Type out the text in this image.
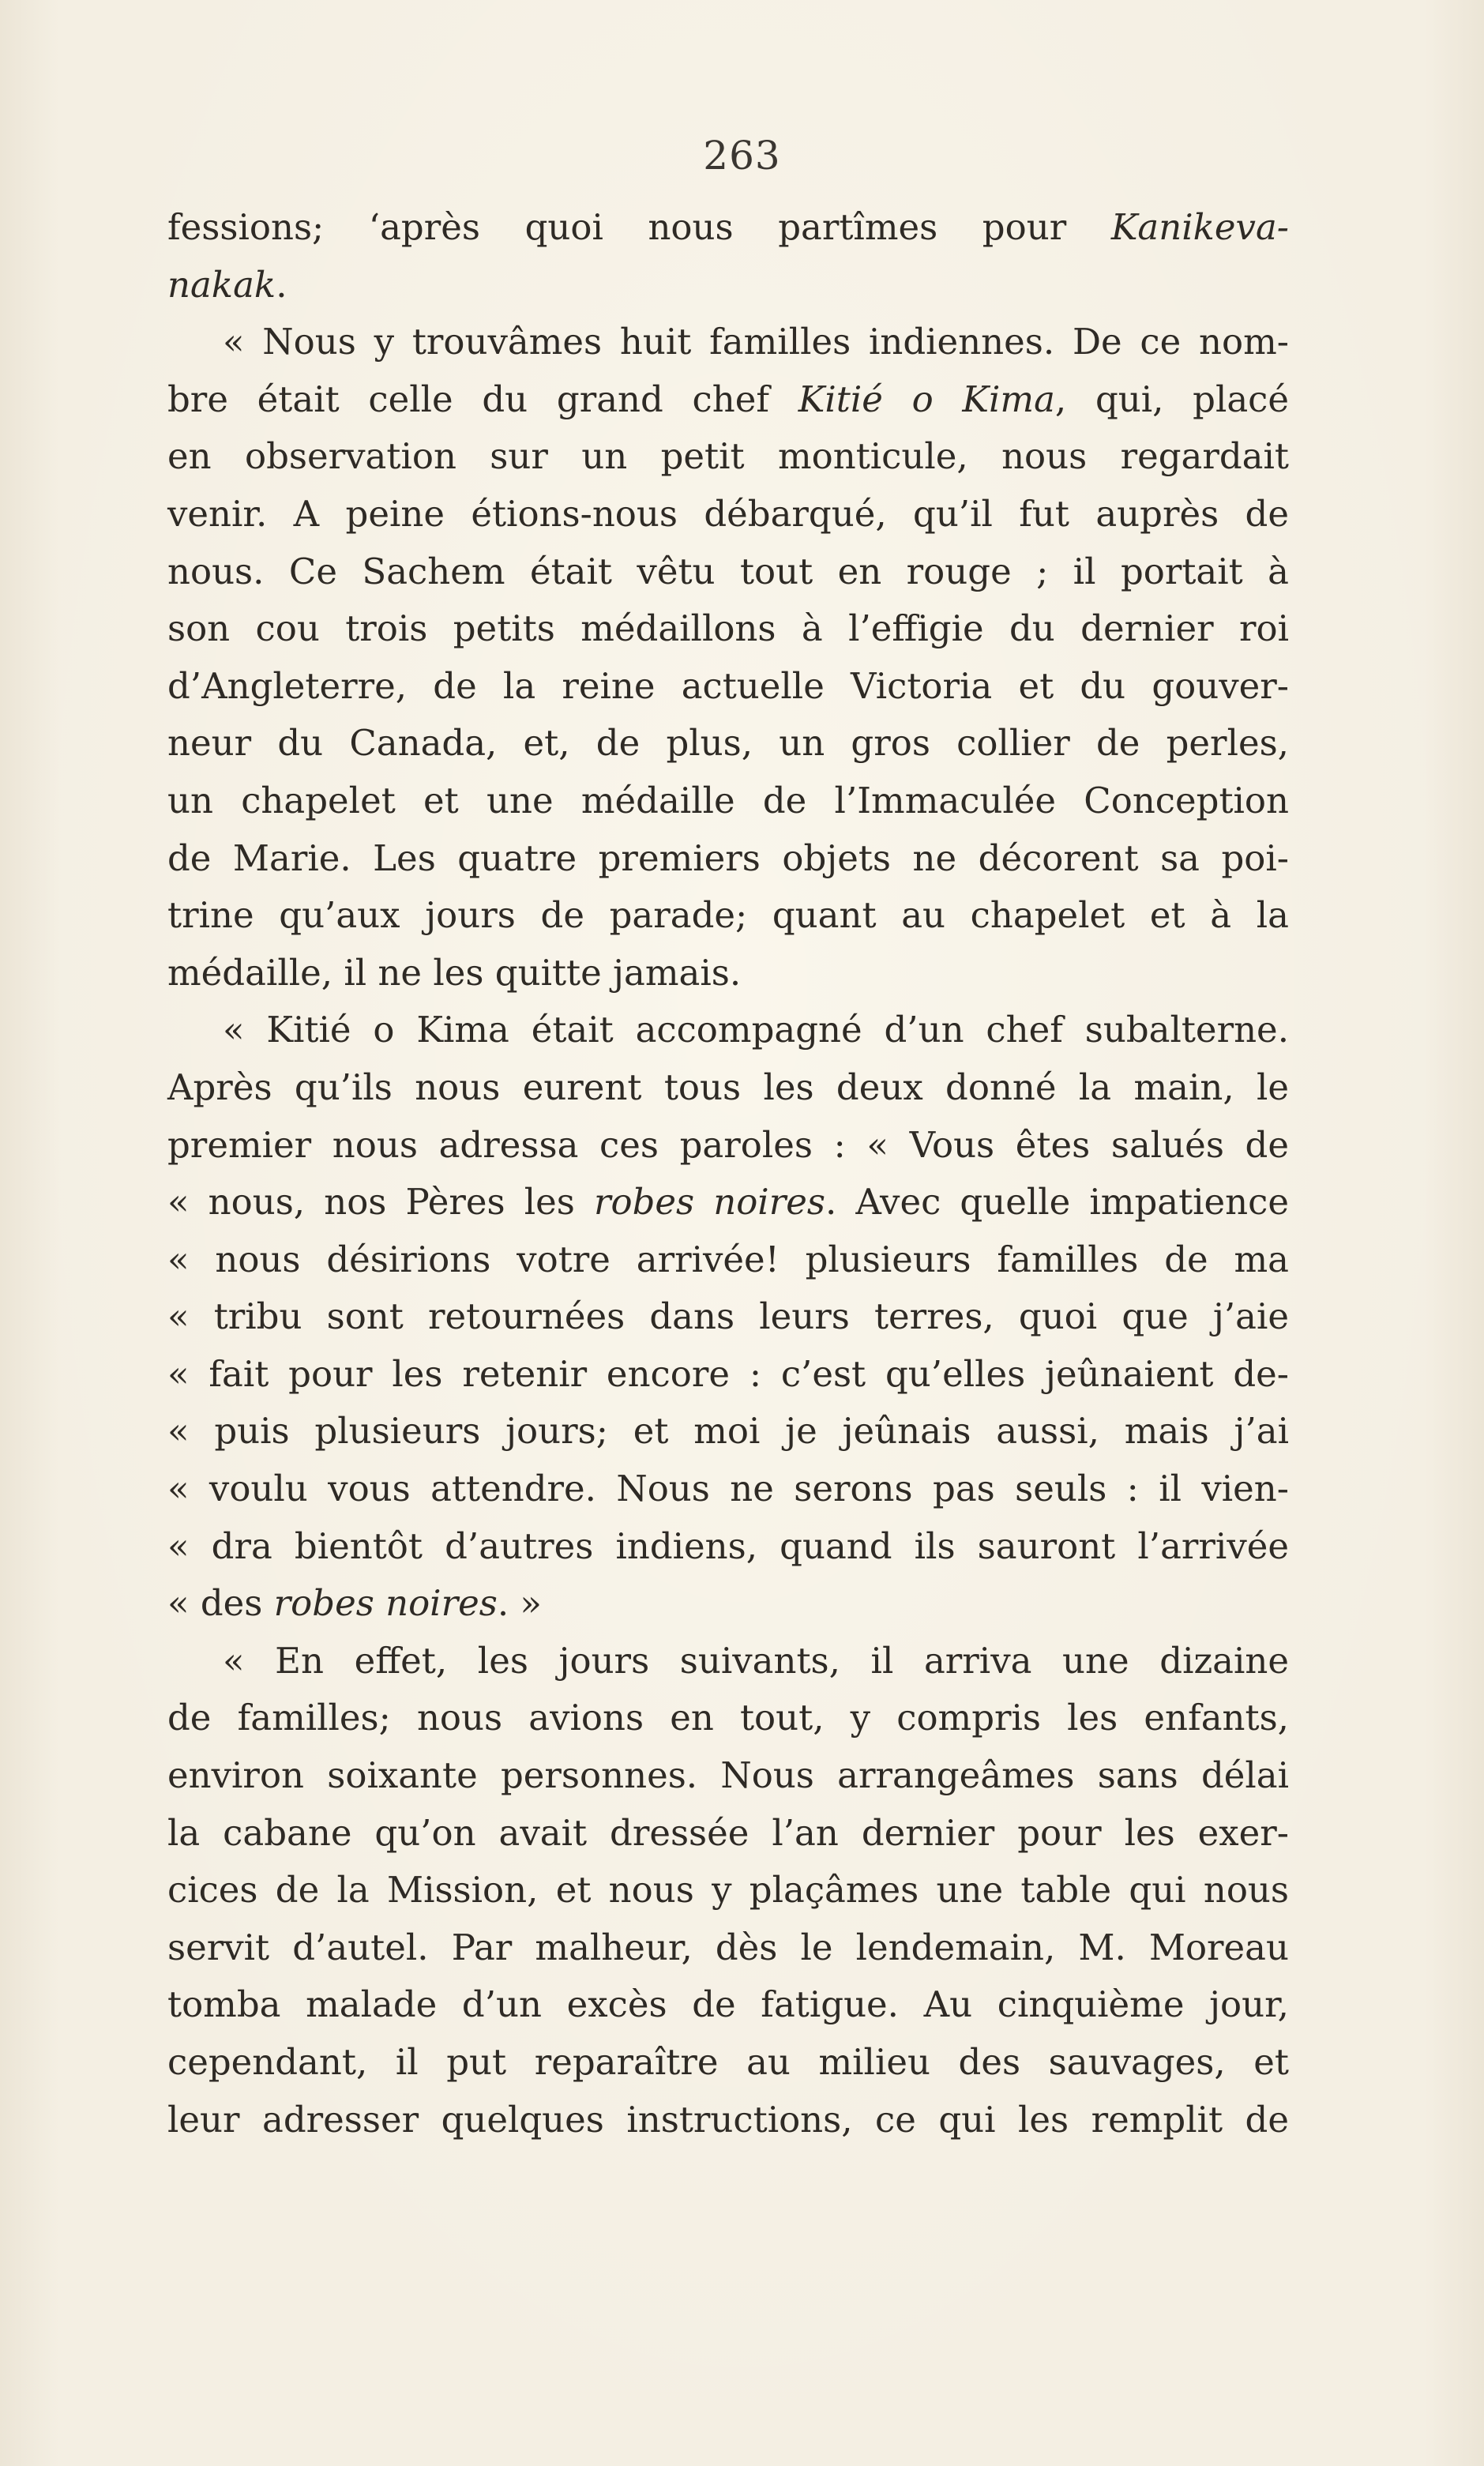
263
fessions; ‘après quoi nous partîmes pour Kanikeva-
nakak.
« Nous y trouvâmes huit familles indiennes. De ce nom-
bre était celle du grand chef Kitié o Kima, qui, placé
en observation sur un petit monticule, nous regardait
venir. A peine étions-nous débarqué, qu’il fut auprès de
nous. Ce Sachem était vêtu tout en rouge ; il portait à
son cou trois petits médaillons à l’effigie du dernier roi
d’Angleterre, de la reine actuelle Victoria et du gouver-
neur du Canada, et, de plus, un gros collier de perles,
un chapelet et une médaille de l’Immaculée Conception
de Marie. Les quatre premiers objets ne décorent sa poi-
trine qu’aux jours de parade; quant au chapelet et à la
médaille, il ne les quitte jamais.
« Kitié o Kima était accompagné d’un chef subalterne.
Après qu’ils nous eurent tous les deux donné la main, le
premier nous adressa ces paroles : « Vous êtes salués de
« nous, nos Pères les robes noires. Avec quelle impatience
« nous désirions votre arrivée! plusieurs familles de ma
« tribu sont retournées dans leurs terres, quoi que j’aie
« fait pour les retenir encore : c’est qu’elles jeûnaient de-
« puis plusieurs jours; et moi je jeûnais aussi, mais j’ai
« voulu vous attendre. Nous ne serons pas seuls : il vien-
« dra bientôt d’autres indiens, quand ils sauront l’arrivée
« des robes noires. »
« En effet, les jours suivants, il arriva une dizaine
de familles; nous avions en tout, y compris les enfants,
environ soixante personnes. Nous arrangeâmes sans délai
la cabane qu’on avait dressée l’an dernier pour les exer-
cices de la Mission, et nous y plaçâmes une table qui nous
servit d’autel. Par malheur, dès le lendemain, M. Moreau
tomba malade d’un excès de fatigue. Au cinquième jour,
cependant, il put reparaître au milieu des sauvages, et
leur adresser quelques instructions, ce qui les remplit de
